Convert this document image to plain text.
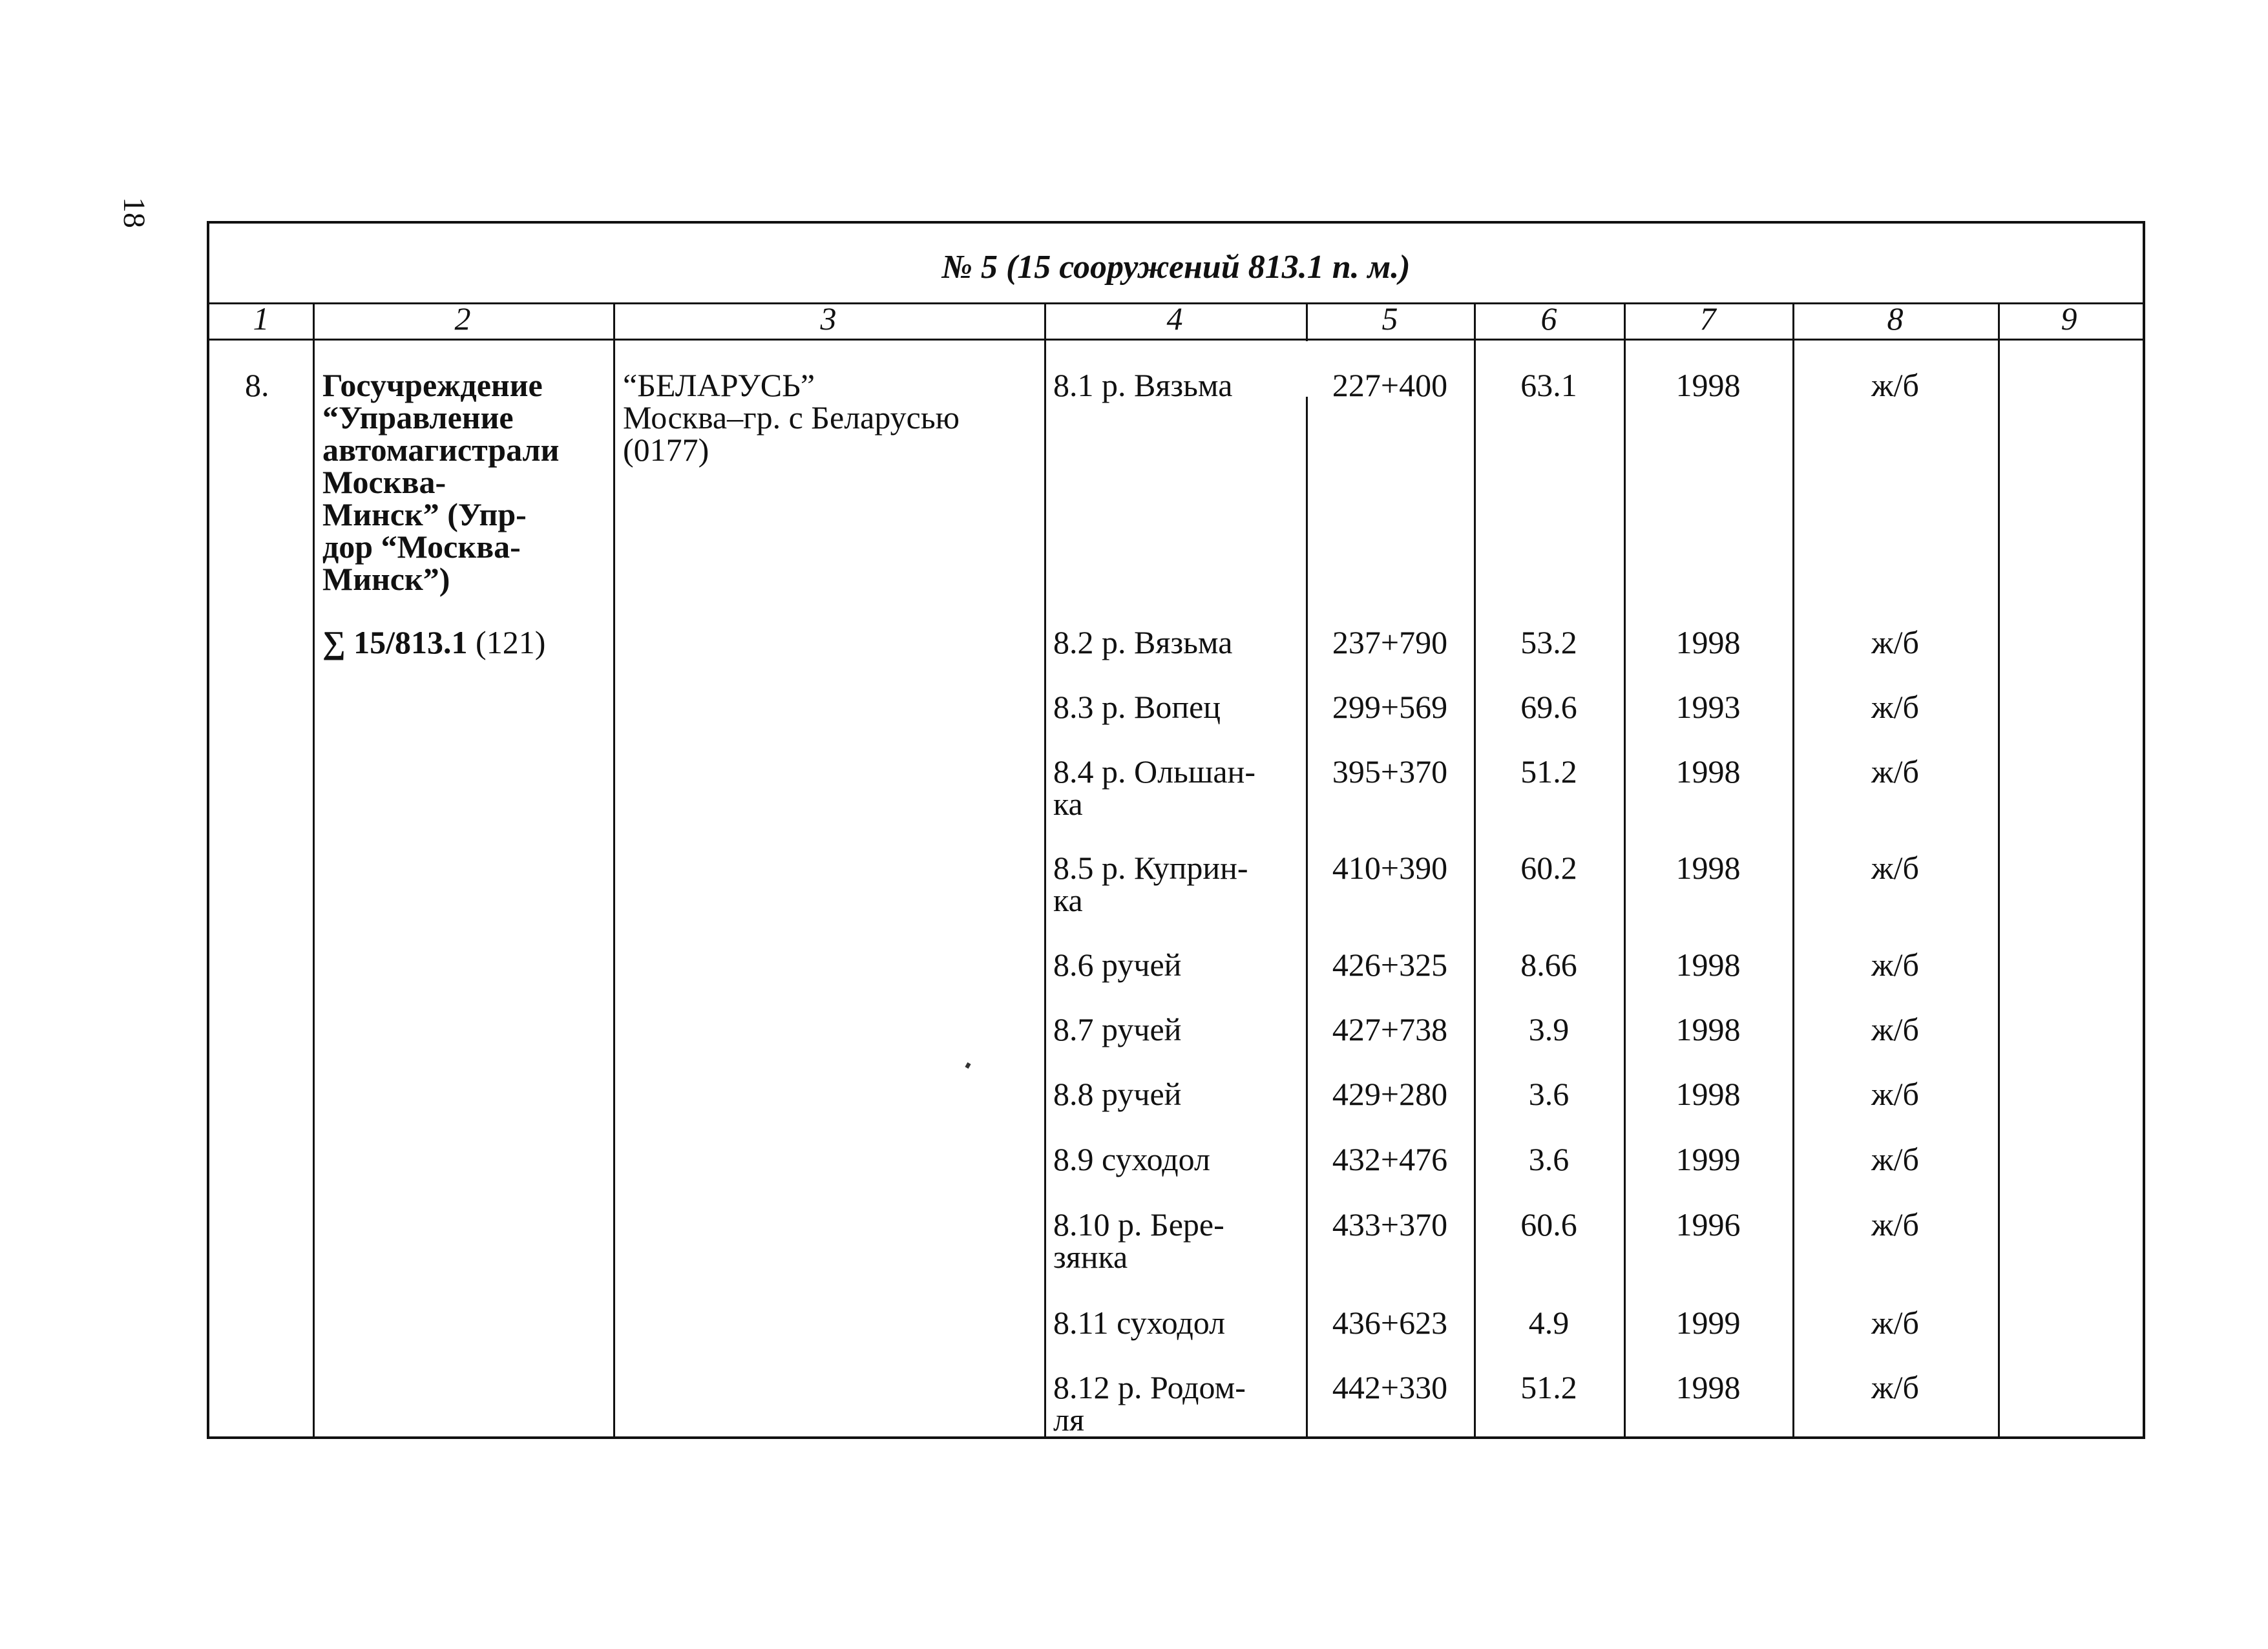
18
№ 5 (15 сооружений 813.1 п. м.)
1	2	3	4	5	6	7	8	9
8. Госучреждение
“Управление
автомагистрали
Москва-
Минск” (Упр-
дор “Москва-
Минск”)
∑ 15/813.1 (121)
“БЕЛАРУСЬ”
Москва–гр. с Беларусью
(0177)
8.1 р. Вязьма	227+400	63.1	1998	ж/б
8.2 р. Вязьма	237+790	53.2	1998	ж/б
8.3 р. Вопец	299+569	69.6	1993	ж/б
8.4 р. Ольшан-
ка
395+370	51.2	1998	ж/б
8.5 р. Куприн-
ка
410+390	60.2	1998	ж/б
8.6 ручей	426+325	8.66	1998	ж/б
8.7 ручей	427+738	3.9	1998	ж/б
8.8 ручей	429+280	3.6	1998	ж/б
8.9 суходол	432+476	3.6	1999	ж/б
8.10 р. Бере-
зянка
433+370	60.6	1996	ж/б
8.11 суходол	436+623	4.9	1999	ж/б
8.12 р. Родом-
ля
442+330	51.2	1998	ж/б
